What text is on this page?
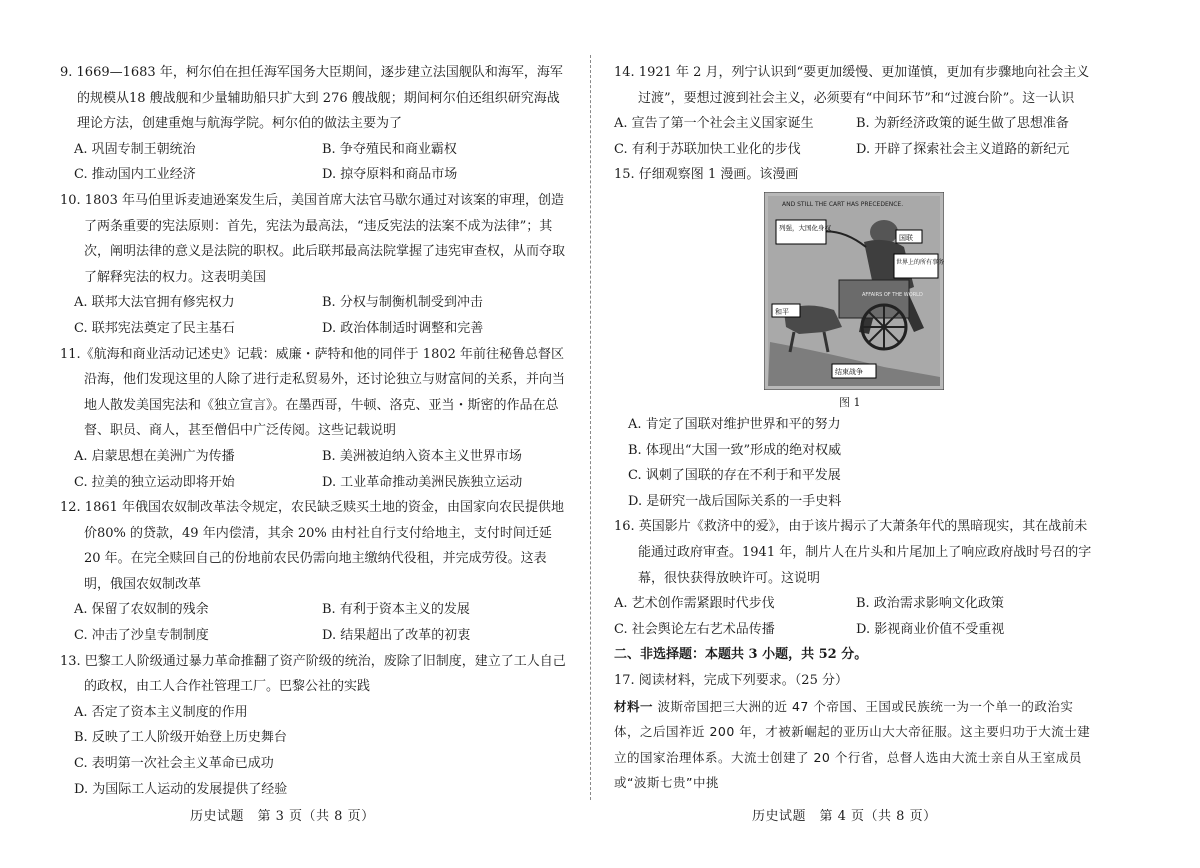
9. 1669—1683 年，柯尔伯在担任海军国务大臣期间，逐步建立法国舰队和海军，海军的规模从18 艘战舰和少量辅助船只扩大到 276 艘战舰；期间柯尔伯还组织研究海战理论方法，创建重炮与航海学院。柯尔伯的做法主要为了
A. 巩固专制王朝统治	B. 争夺殖民和商业霸权
C. 推动国内工业经济	D. 掠夺原料和商品市场
10. 1803 年马伯里诉麦迪逊案发生后，美国首席大法官马歇尔通过对该案的审理，创造了两条重要的宪法原则：首先，宪法为最高法，“违反宪法的法案不成为法律”；其次，阐明法律的意义是法院的职权。此后联邦最高法院掌握了违宪审查权，从而夺取了解释宪法的权力。这表明美国
A. 联邦大法官拥有修宪权力	B. 分权与制衡机制受到冲击
C. 联邦宪法奠定了民主基石	D. 政治体制适时调整和完善
11.《航海和商业活动记述史》记载：威廉・萨特和他的同伴于 1802 年前往秘鲁总督区沿海，他们发现这里的人除了进行走私贸易外，还讨论独立与财富间的关系，并向当地人散发美国宪法和《独立宣言》。在墨西哥，牛顿、洛克、亚当・斯密的作品在总督、职员、商人，甚至僧侣中广泛传阅。这些记载说明
A. 启蒙思想在美洲广为传播	B. 美洲被迫纳入资本主义世界市场
C. 拉美的独立运动即将开始	D. 工业革命推动美洲民族独立运动
12. 1861 年俄国农奴制改革法令规定，农民缺乏赎买土地的资金，由国家向农民提供地价80% 的贷款，49 年内偿清，其余 20% 由村社自行支付给地主，支付时间迁延 20 年。在完全赎回自己的份地前农民仍需向地主缴纳代役租，并完成劳役。这表明，俄国农奴制改革
A. 保留了农奴制的残余	B. 有利于资本主义的发展
C. 冲击了沙皇专制制度	D. 结果超出了改革的初衷
13. 巴黎工人阶级通过暴力革命推翻了资产阶级的统治，废除了旧制度，建立了工人自己的政权，由工人合作社管理工厂。巴黎公社的实践
A. 否定了资本主义制度的作用
B. 反映了工人阶级开始登上历史舞台
C. 表明第一次社会主义革命已成功
D. 为国际工人运动的发展提供了经验
14. 1921 年 2 月，列宁认识到“要更加缓慢、更加谨慎，更加有步骤地向社会主义过渡”，要想过渡到社会主义，必须要有“中间环节”和“过渡台阶”。这一认识
A. 宣告了第一个社会主义国家诞生	B. 为新经济政策的诞生做了思想准备
C. 有利于苏联加快工业化的步伐	D. 开辟了探索社会主义道路的新纪元
15. 仔细观察图 1 漫画。该漫画
AND STILL THE CART HAS PRECEDENCE.
AFFAIRS OF THE WORLD
列强，大国化身权
国联
世界上的所有事务
和平
结束战争
图 1
A. 肯定了国联对维护世界和平的努力
B. 体现出“大国一致”形成的绝对权威
C. 讽刺了国联的存在不利于和平发展
D. 是研究一战后国际关系的一手史料
16. 英国影片《救济中的爱》，由于该片揭示了大萧条年代的黑暗现实，其在战前未能通过政府审查。1941 年，制片人在片头和片尾加上了响应政府战时号召的字幕，很快获得放映许可。这说明
A. 艺术创作需紧跟时代步伐	B. 政治需求影响文化政策
C. 社会舆论左右艺术品传播	D. 影视商业价值不受重视
二、非选择题：本题共 3 小题，共 52 分。
17. 阅读材料，完成下列要求。（25 分）
材料一 波斯帝国把三大洲的近 47 个帝国、王国或民族统一为一个单一的政治实体，之后国祚近 200 年，才被新崛起的亚历山大大帝征服。这主要归功于大流士建立的国家治理体系。大流士创建了 20 个行省，总督人选由大流士亲自从王室成员或“波斯七贵”中挑
历史试题　第 3 页（共 8 页）	历史试题　第 4 页（共 8 页）
